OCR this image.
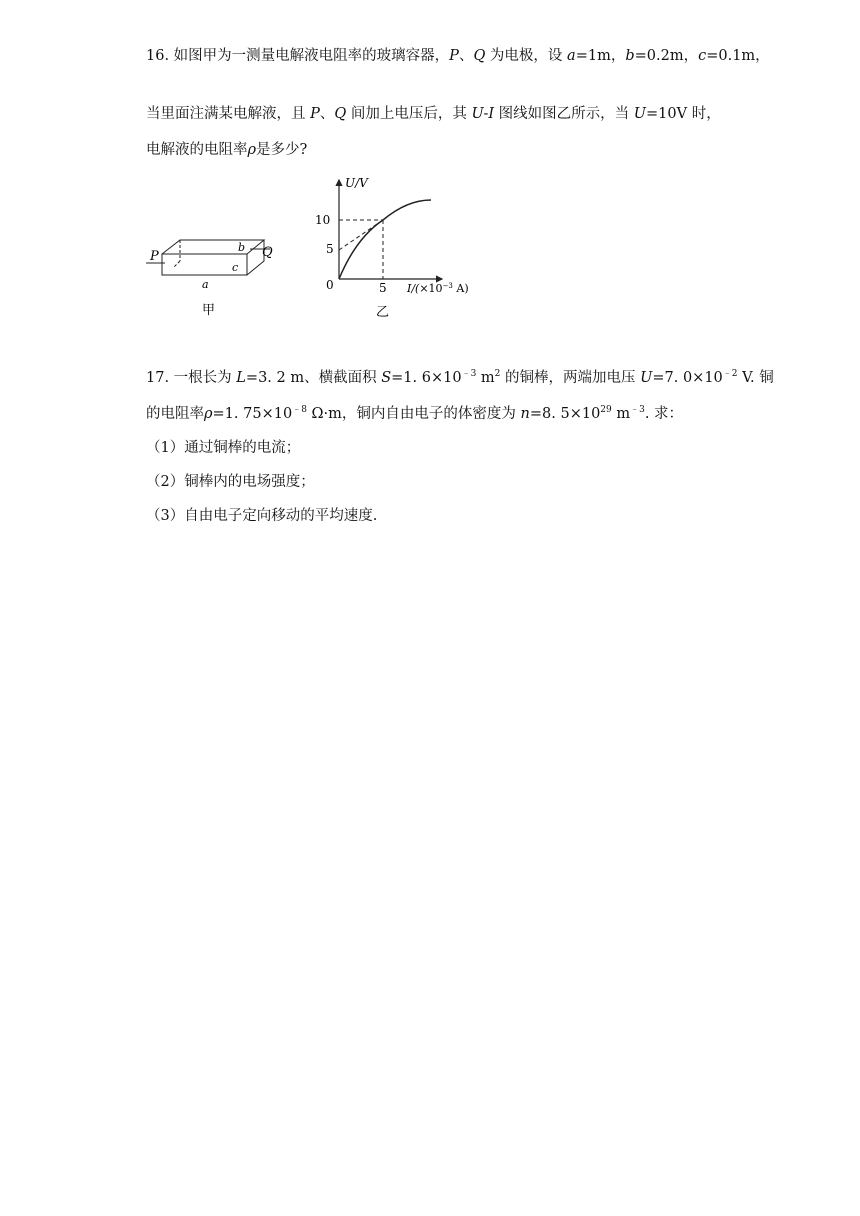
16. 如图甲为一测量电解液电阻率的玻璃容器，P、Q 为电极，设 a=1m，b=0.2m，c=0.1m，
当里面注满某电解液，且 P、Q 间加上电压后，其 U-I 图线如图乙所示，当 U=10V 时，
电解液的电阻率ρ是多少?
P	Q
b
c
a
甲
U/V
10
5
0	5 $I/(\times 10^{-3}$ A)
乙
17. 一根长为 L=3. 2 m、横截面积 S=1. $6\times 10^{﹣3}$ $m^2$ 的铜棒，两端加电压 U=7. $0\times 10^{﹣2}$ V. 铜
的电阻率ρ=1. $75\times 10^{﹣8}$ Ω·m，铜内自由电子的体密度为 n=8. $5\times 10^{29}$ $m^{﹣3}$. 求：
（1）通过铜棒的电流；
（2）铜棒内的电场强度；
（3）自由电子定向移动的平均速度.
